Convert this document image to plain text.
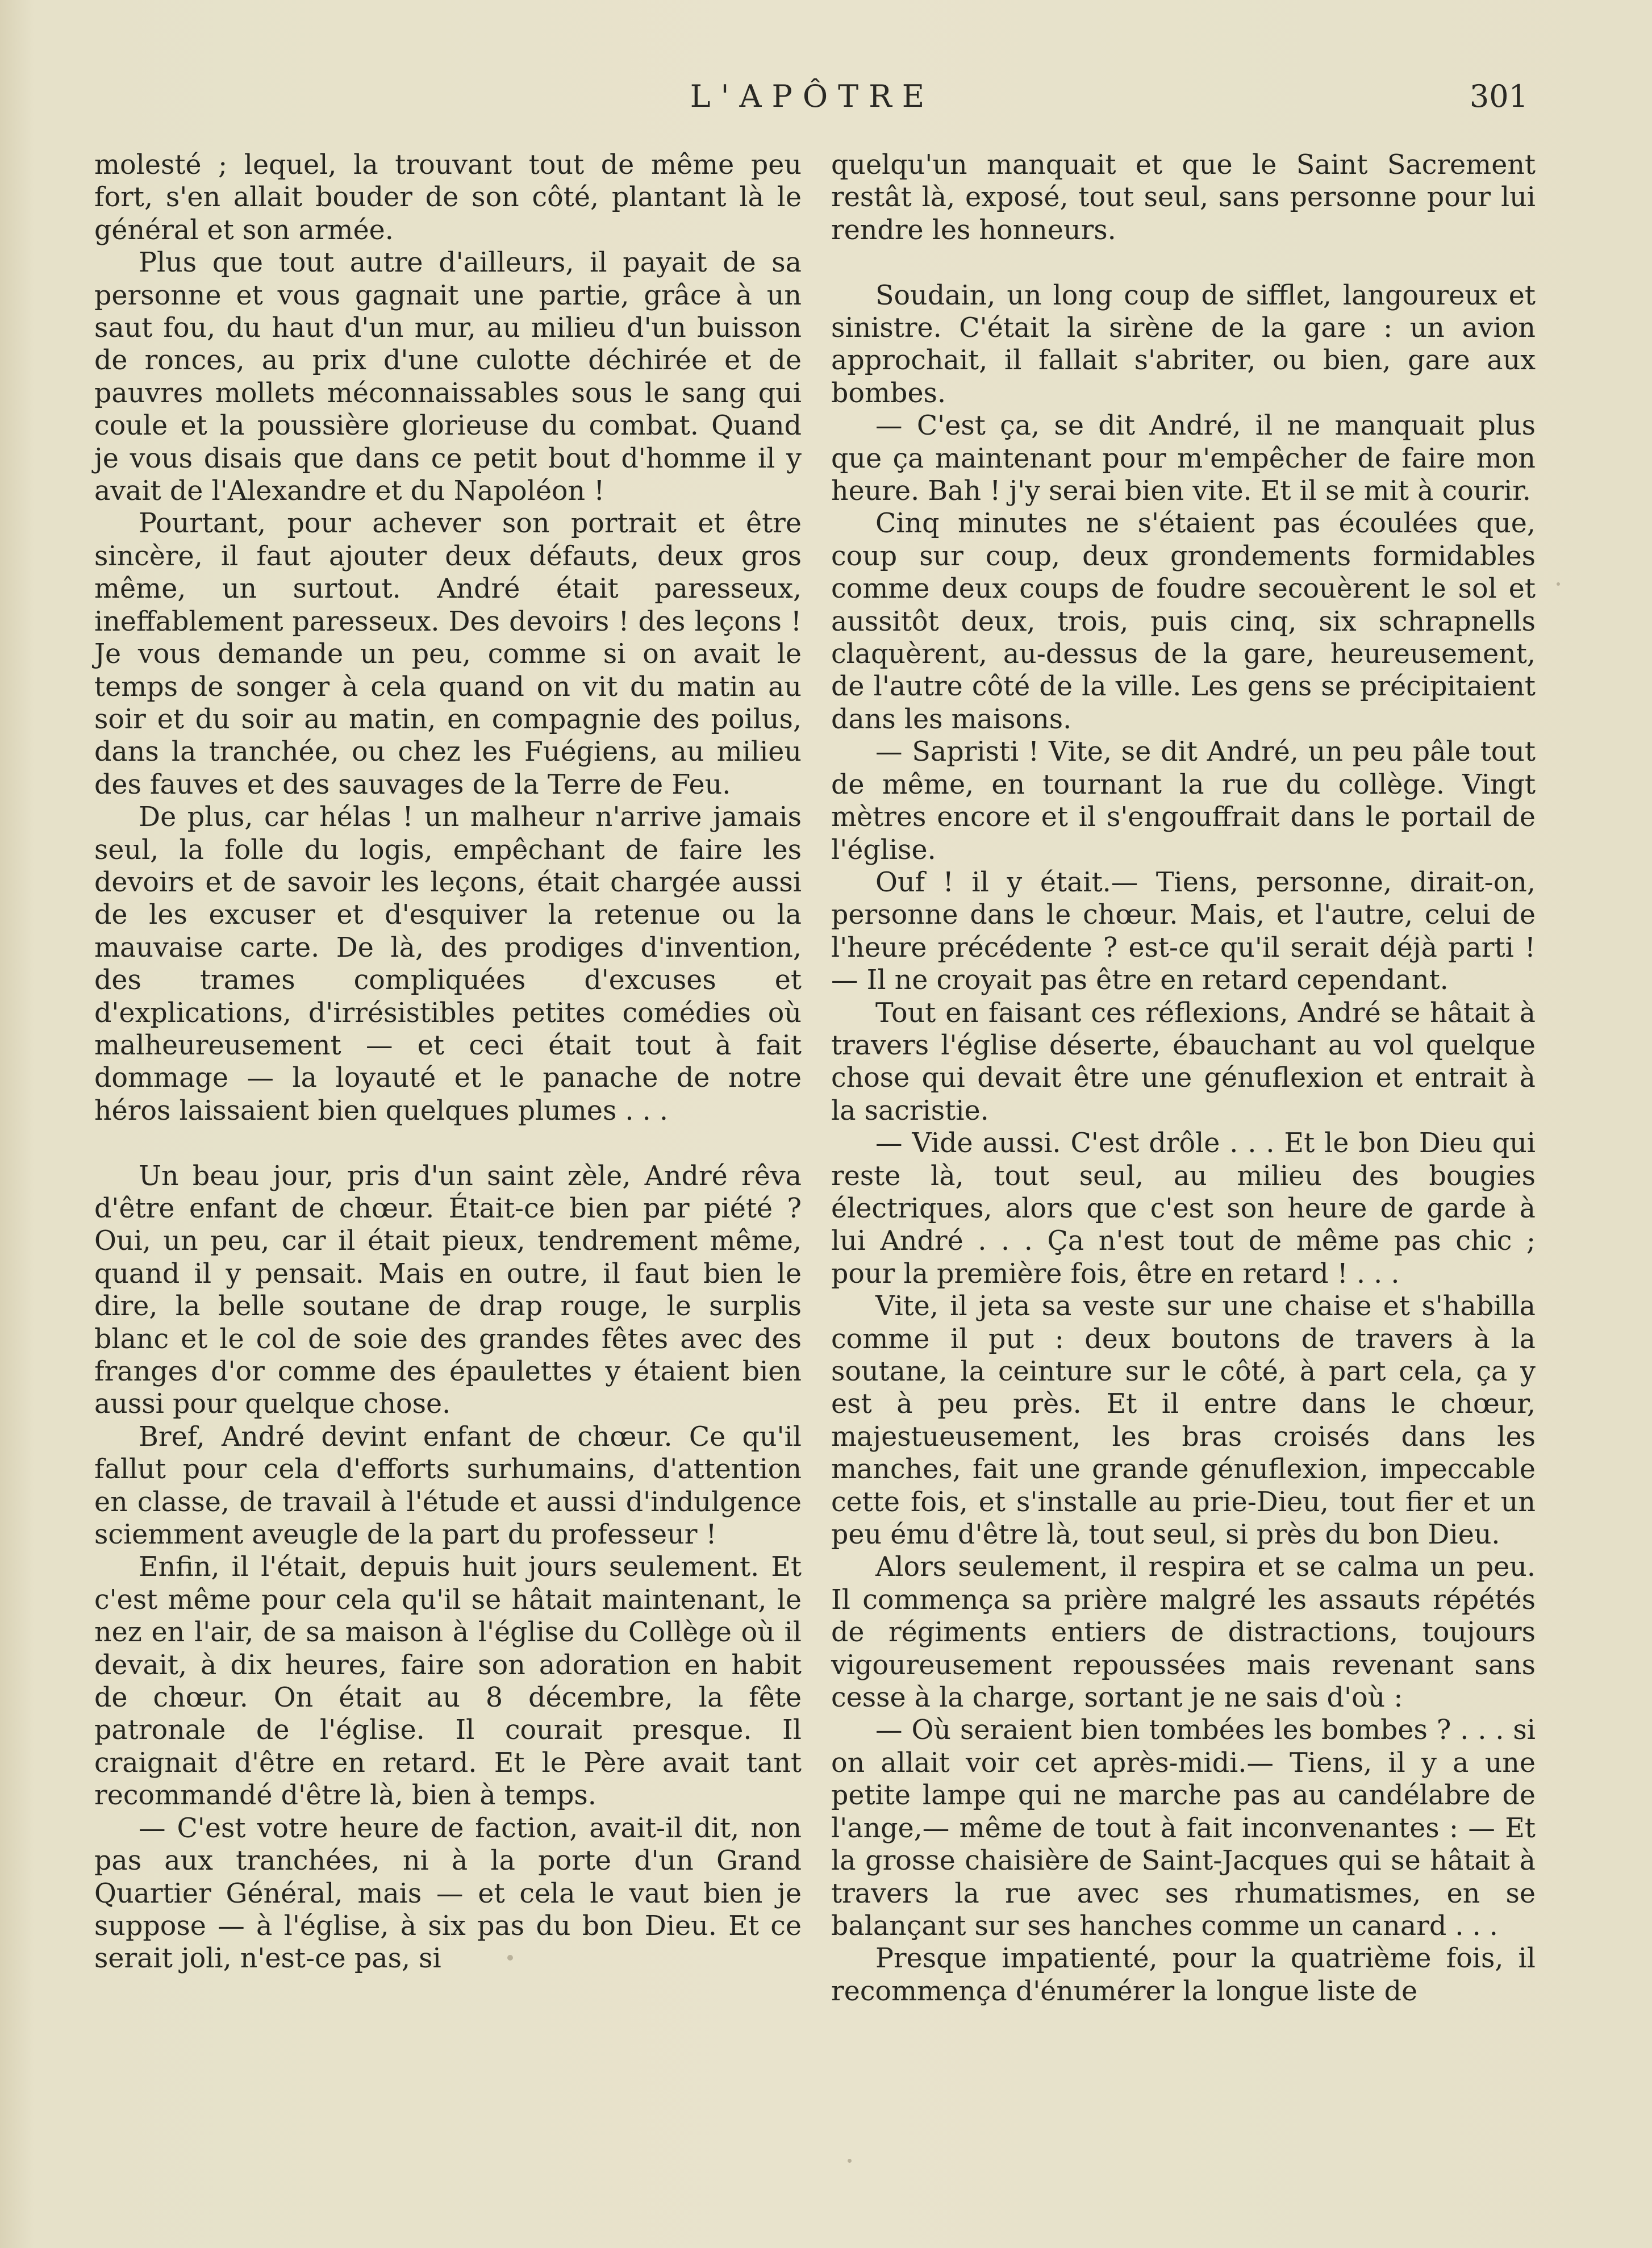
L'APÔTRE	301

molesté ; lequel, la trouvant tout de même peu fort, s'en allait bouder de son côté, plantant là le général et son armée.

Plus que tout autre d'ailleurs, il payait de sa personne et vous gagnait une partie, grâce à un saut fou, du haut d'un mur, au milieu d'un buisson de ronces, au prix d'une culotte déchirée et de pauvres mollets méconnaissables sous le sang qui coule et la poussière glorieuse du combat. Quand je vous disais que dans ce petit bout d'homme il y avait de l'Alexandre et du Napoléon !

Pourtant, pour achever son portrait et être sincère, il faut ajouter deux défauts, deux gros même, un surtout. André était paresseux, ineffablement paresseux. Des devoirs ! des leçons ! Je vous demande un peu, comme si on avait le temps de songer à cela quand on vit du matin au soir et du soir au matin, en compagnie des poilus, dans la tranchée, ou chez les Fuégiens, au milieu des fauves et des sauvages de la Terre de Feu.

De plus, car hélas ! un malheur n'arrive jamais seul, la folle du logis, empêchant de faire les devoirs et de savoir les leçons, était chargée aussi de les excuser et d'esquiver la retenue ou la mauvaise carte. De là, des prodiges d'invention, des trames compliquées d'excuses et d'explications, d'irrésistibles petites comédies où malheureusement — et ceci était tout à fait dommage — la loyauté et le panache de notre héros laissaient bien quelques plumes . . .

Un beau jour, pris d'un saint zèle, André rêva d'être enfant de chœur. Était-ce bien par piété ? Oui, un peu, car il était pieux, tendrement même, quand il y pensait. Mais en outre, il faut bien le dire, la belle soutane de drap rouge, le surplis blanc et le col de soie des grandes fêtes avec des franges d'or comme des épaulettes y étaient bien aussi pour quelque chose.

Bref, André devint enfant de chœur. Ce qu'il fallut pour cela d'efforts surhumains, d'attention en classe, de travail à l'étude et aussi d'indulgence sciemment aveugle de la part du professeur !

Enfin, il l'était, depuis huit jours seulement. Et c'est même pour cela qu'il se hâtait maintenant, le nez en l'air, de sa maison à l'église du Collège où il devait, à dix heures, faire son adoration en habit de chœur. On était au 8 décembre, la fête patronale de l'église. Il courait presque. Il craignait d'être en retard. Et le Père avait tant recommandé d'être là, bien à temps.

— C'est votre heure de faction, avait-il dit, non pas aux tranchées, ni à la porte d'un Grand Quartier Général, mais — et cela le vaut bien je suppose — à l'église, à six pas du bon Dieu. Et ce serait joli, n'est-ce pas, si

quelqu'un manquait et que le Saint Sacrement restât là, exposé, tout seul, sans personne pour lui rendre les honneurs.

Soudain, un long coup de sifflet, langoureux et sinistre. C'était la sirène de la gare : un avion approchait, il fallait s'abriter, ou bien, gare aux bombes.

— C'est ça, se dit André, il ne manquait plus que ça maintenant pour m'empêcher de faire mon heure. Bah ! j'y serai bien vite. Et il se mit à courir.

Cinq minutes ne s'étaient pas écoulées que, coup sur coup, deux grondements formidables comme deux coups de foudre secouèrent le sol et aussitôt deux, trois, puis cinq, six schrapnells claquèrent, au-dessus de la gare, heureusement, de l'autre côté de la ville. Les gens se précipitaient dans les maisons.

— Sapristi ! Vite, se dit André, un peu pâle tout de même, en tournant la rue du collège. Vingt mètres encore et il s'engouffrait dans le portail de l'église.

Ouf ! il y était.— Tiens, personne, dirait-on, personne dans le chœur. Mais, et l'autre, celui de l'heure précédente ? est-ce qu'il serait déjà parti ! — Il ne croyait pas être en retard cependant.

Tout en faisant ces réflexions, André se hâtait à travers l'église déserte, ébauchant au vol quelque chose qui devait être une génuflexion et entrait à la sacristie.

— Vide aussi. C'est drôle . . . Et le bon Dieu qui reste là, tout seul, au milieu des bougies électriques, alors que c'est son heure de garde à lui André . . . Ça n'est tout de même pas chic ; pour la première fois, être en retard ! . . .

Vite, il jeta sa veste sur une chaise et s'habilla comme il put : deux boutons de travers à la soutane, la ceinture sur le côté, à part cela, ça y est à peu près. Et il entre dans le chœur, majestueusement, les bras croisés dans les manches, fait une grande génuflexion, impeccable cette fois, et s'installe au prie-Dieu, tout fier et un peu ému d'être là, tout seul, si près du bon Dieu.

Alors seulement, il respira et se calma un peu. Il commença sa prière malgré les assauts répétés de régiments entiers de distractions, toujours vigoureusement repoussées mais revenant sans cesse à la charge, sortant je ne sais d'où :

— Où seraient bien tombées les bombes ? . . . si on allait voir cet après-midi.— Tiens, il y a une petite lampe qui ne marche pas au candélabre de l'ange,— même de tout à fait inconvenantes : — Et la grosse chaisière de Saint-Jacques qui se hâtait à travers la rue avec ses rhumatismes, en se balançant sur ses hanches comme un canard . . .

Presque impatienté, pour la quatrième fois, il recommença d'énumérer la longue liste de
